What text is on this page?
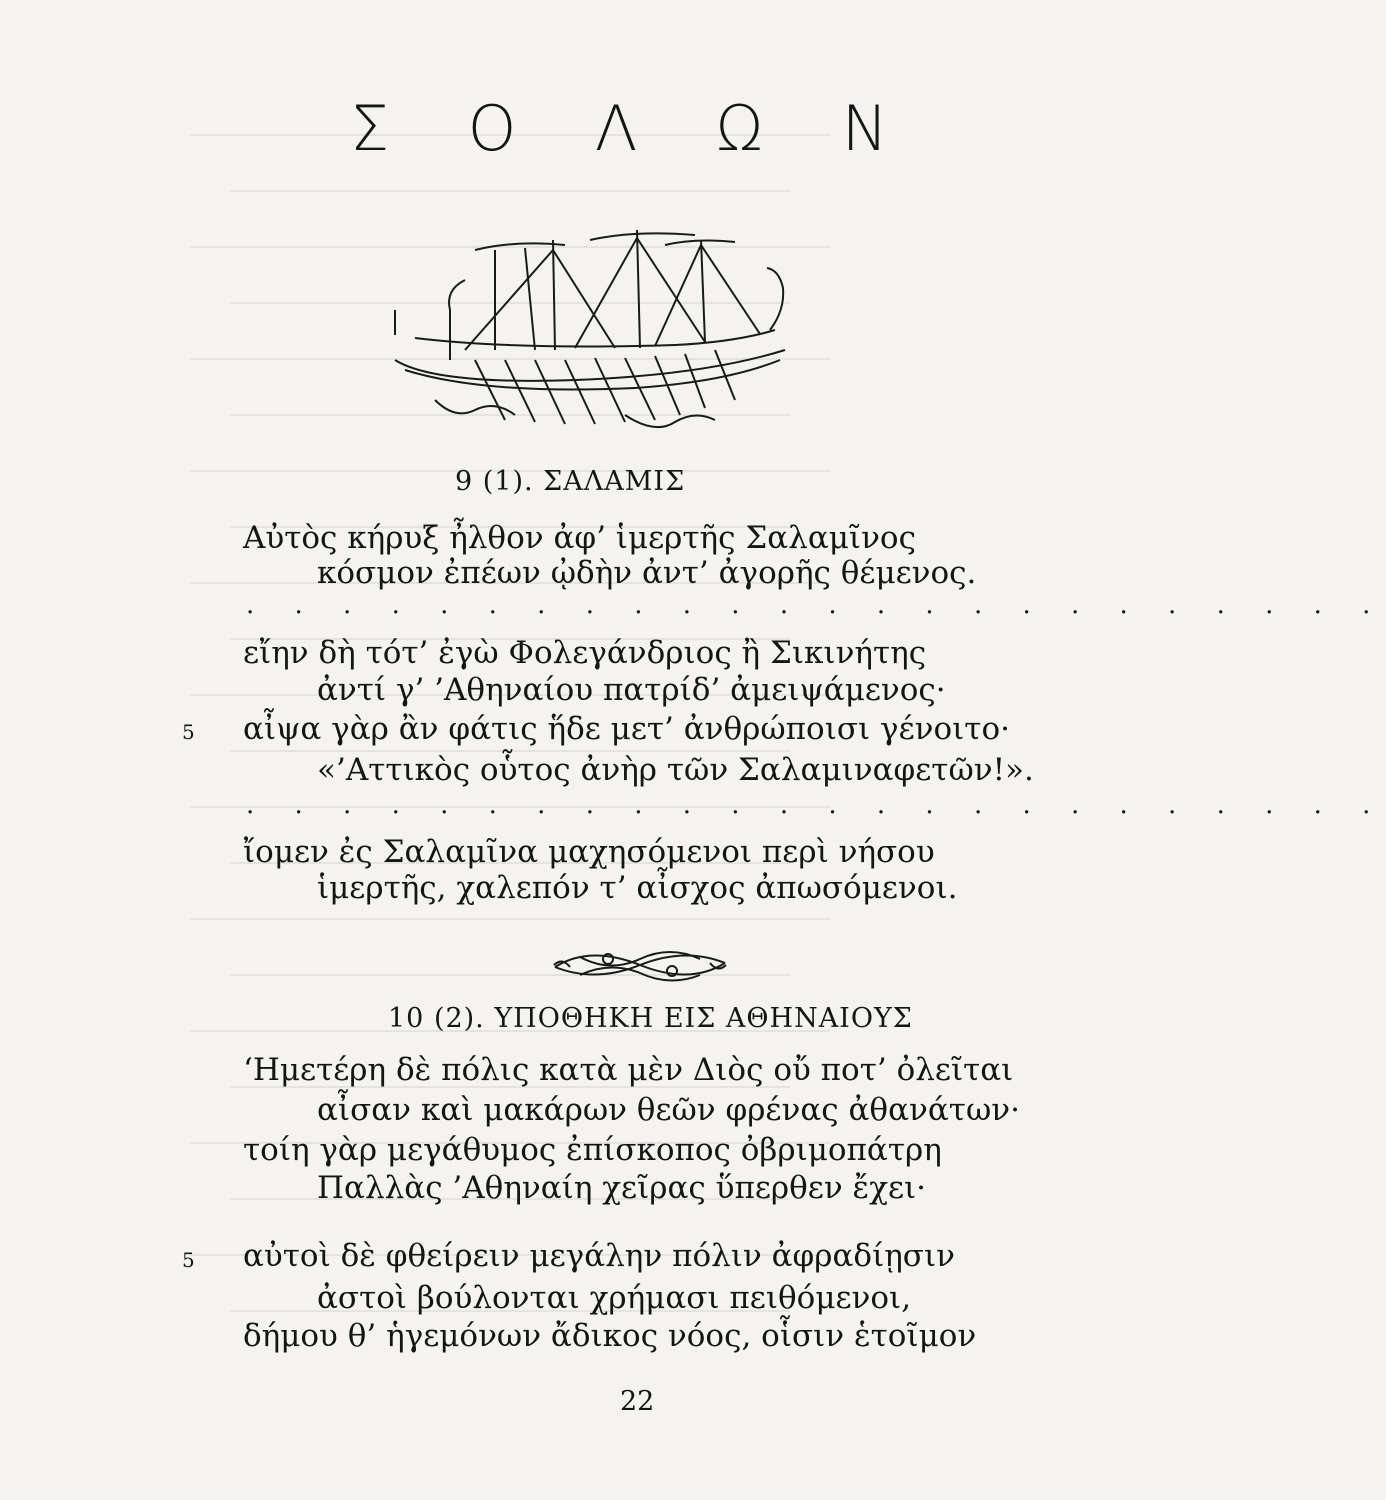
Σ Ο Λ Ω Ν
9 (1). ΣΑΛΑΜΙΣ
Αὐτὸς κήρυξ ἦλθον ἀφ’ ἱμερτῆς Σαλαμῖνος
κόσμον ἐπέων ᾠδὴν ἀντ’ ἀγορῆς θέμενος.
. . . . . . . . . . . . . . . . . . . . . . . .
εἴην δὴ τότ’ ἐγὼ Φολεγάνδριος ἢ Σικινήτης
ἀντί γ’ ’Αθηναίου πατρίδ’ ἀμειψάμενος·
5 αἶψα γὰρ ἂν φάτις ἥδε μετ’ ἀνθρώποισι γένοιτο·
«’Αττικὸς οὗτος ἀνὴρ τῶν Σαλαμιναφετῶν!».
. . . . . . . . . . . . . . . . . . . . . . . .
ἴομεν ἐς Σαλαμῖνα μαχησόμενοι περὶ νήσου
ἱμερτῆς, χαλεπόν τ’ αἶσχος ἀπωσόμενοι.
10 (2). ΥΠΟΘΗΚΗ ΕΙΣ ΑΘΗΝΑΙΟΥΣ
‘Ημετέρη δὲ πόλις κατὰ μὲν Διὸς οὔ ποτ’ ὀλεῖται
αἶσαν καὶ μακάρων θεῶν φρένας ἀθανάτων·
τοίη γὰρ μεγάθυμος ἐπίσκοπος ὀβριμοπάτρη
Παλλὰς ’Αθηναίη χεῖρας ὕπερθεν ἔχει·
5 αὐτοὶ δὲ φθείρειν μεγάλην πόλιν ἀφραδίῃσιν
ἀστοὶ βούλονται χρήμασι πειθόμενοι,
δήμου θ’ ἡγεμόνων ἄδικος νόος, οἷσιν ἑτοῖμον
22
